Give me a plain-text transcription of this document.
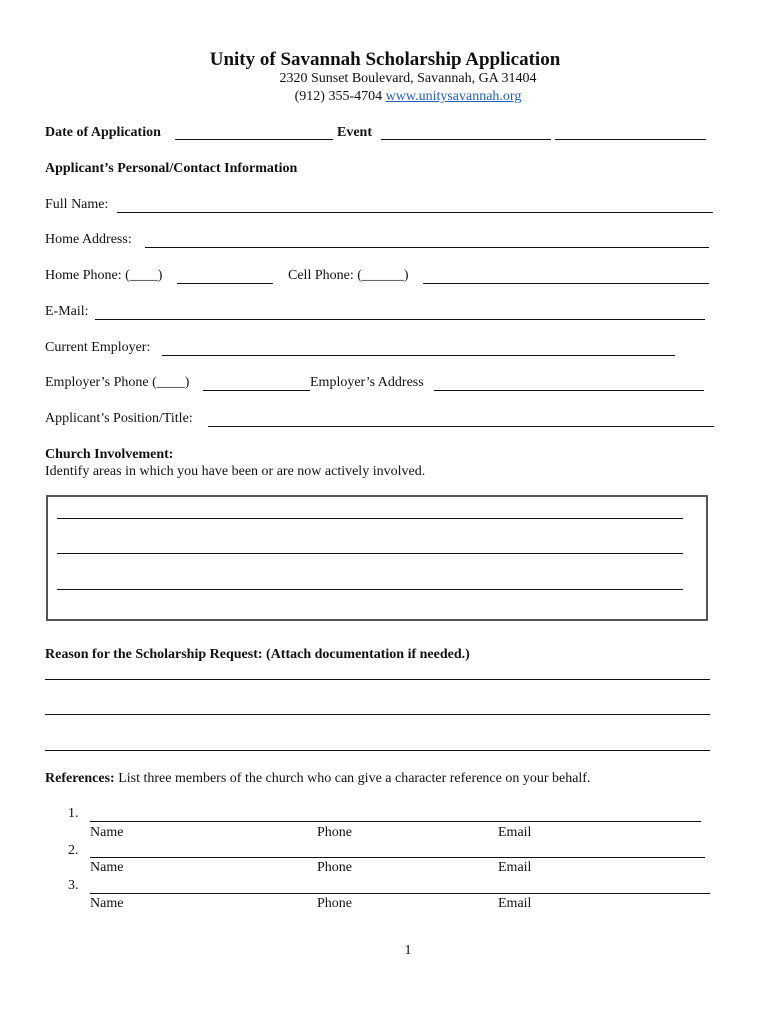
Unity of Savannah Scholarship Application
2320 Sunset Boulevard, Savannah, GA 31404
(912) 355-4704 www.unitysavannah.org
Date of Application	Event
Applicant’s Personal/Contact Information
Full Name:
Home Address:
Home Phone: (____)	Cell Phone: (______)
E-Mail:
Current Employer:
Employer’s Phone (____)	Employer’s Address
Applicant’s Position/Title:
Church Involvement:
Identify areas in which you have been or are now actively involved.
Reason for the Scholarship Request: (Attach documentation if needed.)
References: List three members of the church who can give a character reference on your behalf.
1.
Name	Phone	Email
2.
Name	Phone	Email
3.
Name	Phone	Email
1
